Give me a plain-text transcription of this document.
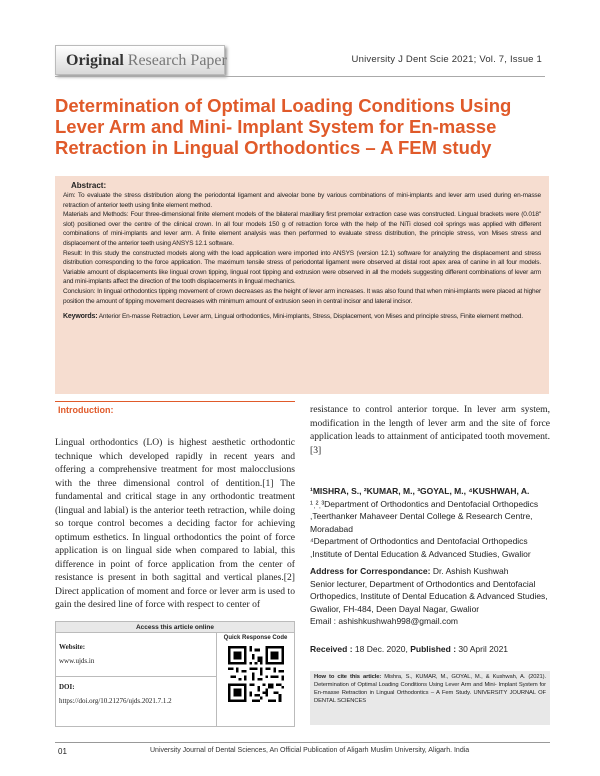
Original Research Paper	University J Dent Scie 2021; Vol. 7, Issue 1
Determination of Optimal Loading Conditions Using Lever Arm and Mini- Implant System for En-masse Retraction in Lingual Orthodontics – A FEM study
Abstract:

Aim: To evaluate the stress distribution along the periodontal ligament and alveolar bone by various combinations of mini-implants and lever arm used during en-masse retraction of anterior teeth using finite element method.

Materials and Methods: Four three-dimensional finite element models of the bilateral maxillary first premolar extraction case was constructed. Lingual brackets were (0.018" slot) positioned over the centre of the clinical crown. In all four models 150 g of retraction force with the help of the NiTi closed coil springs was applied with different combinations of mini-implants and lever arm. A finite element analysis was then performed to evaluate stress distribution, the principle stress, von Mises stress and displacement of the anterior teeth using ANSYS 12.1 software.

Result: In this study the constructed models along with the load application were imported into ANSYS (version 12.1) software for analyzing the displacement and stress distribution corresponding to the force application. The maximum tensile stress of periodontal ligament were observed at distal root apex area of canine in all four models. Variable amount of displacements like lingual crown tipping, lingual root tipping and extrusion were observed in all the models suggesting different combinations of lever arm and mini-implants affect the direction of the tooth displacements in lingual mechanics.

Conclusion: In lingual orthodontics tipping movement of crown decreases as the height of lever arm increases. It was also found that when mini-implants were placed at higher position the amount of tipping movement decreases with minimum amount of extrusion seen in central incisor and lateral incisor.

Keywords: Anterior En-masse Retraction, Lever arm, Lingual orthodontics, Mini-implants, Stress, Displacement, von Mises and principle stress, Finite element method.

Introduction:

Lingual orthodontics (LO) is highest aesthetic orthodontic technique which developed rapidly in recent years and offering a comprehensive treatment for most malocclusions with the three dimensional control of dentition.[1] The fundamental and critical stage in any orthodontic treatment (lingual and labial) is the anterior teeth retraction, while doing so torque control becomes a deciding factor for achieving optimum esthetics. In lingual orthodontics the point of force application is on lingual side when compared to labial, this difference in point of force application from the center of resistance is present in both sagittal and vertical planes.[2] Direct application of moment and force or lever arm is used to gain the desired line of force with respect to center of

resistance to control anterior torque. In lever arm system, modification in the length of lever arm and the site of force application leads to attainment of anticipated tooth movement.[3]

¹MISHRA, S., ²KUMAR, M., ³GOYAL, M., ⁴KUSHWAH, A.
¹ˌ²ˌ³Department of Orthodontics and Dentofacial Orthopedics ,Teerthanker Mahaveer Dental College & Research Centre, Moradabad
⁴Department of Orthodontics and Dentofacial Orthopedics ,Institute of Dental Education & Advanced Studies, Gwalior
Address for Correspondance: Dr. Ashish Kushwah
Senior lecturer, Department of Orthodontics and Dentofacial Orthopedics, Institute of Dental Education & Advanced Studies, Gwalior, FH-484, Deen Dayal Nagar, Gwalior
Email : ashishkushwah998@gmail.com
Received : 18 Dec. 2020, Published : 30 April 2021
How to cite this article: Mishra, S., KUMAR, M., GOYAL, M., & Kushwah, A. (2021). Determination of Optimal Loading Conditions Using Lever Arm and Mini- Implant System for En-masse Retraction in Lingual Orthodontics – A Fem Study. UNIVERSITY JOURNAL OF DENTAL SCIENCES
Access this article online
Website:
www.ujds.in
DOI:
https://doi.org/10.21276/ujds.2021.7.1.2
Quick Response Code
01	University Journal of Dental Sciences, An Official Publication of Aligarh Muslim University, Aligarh. India
